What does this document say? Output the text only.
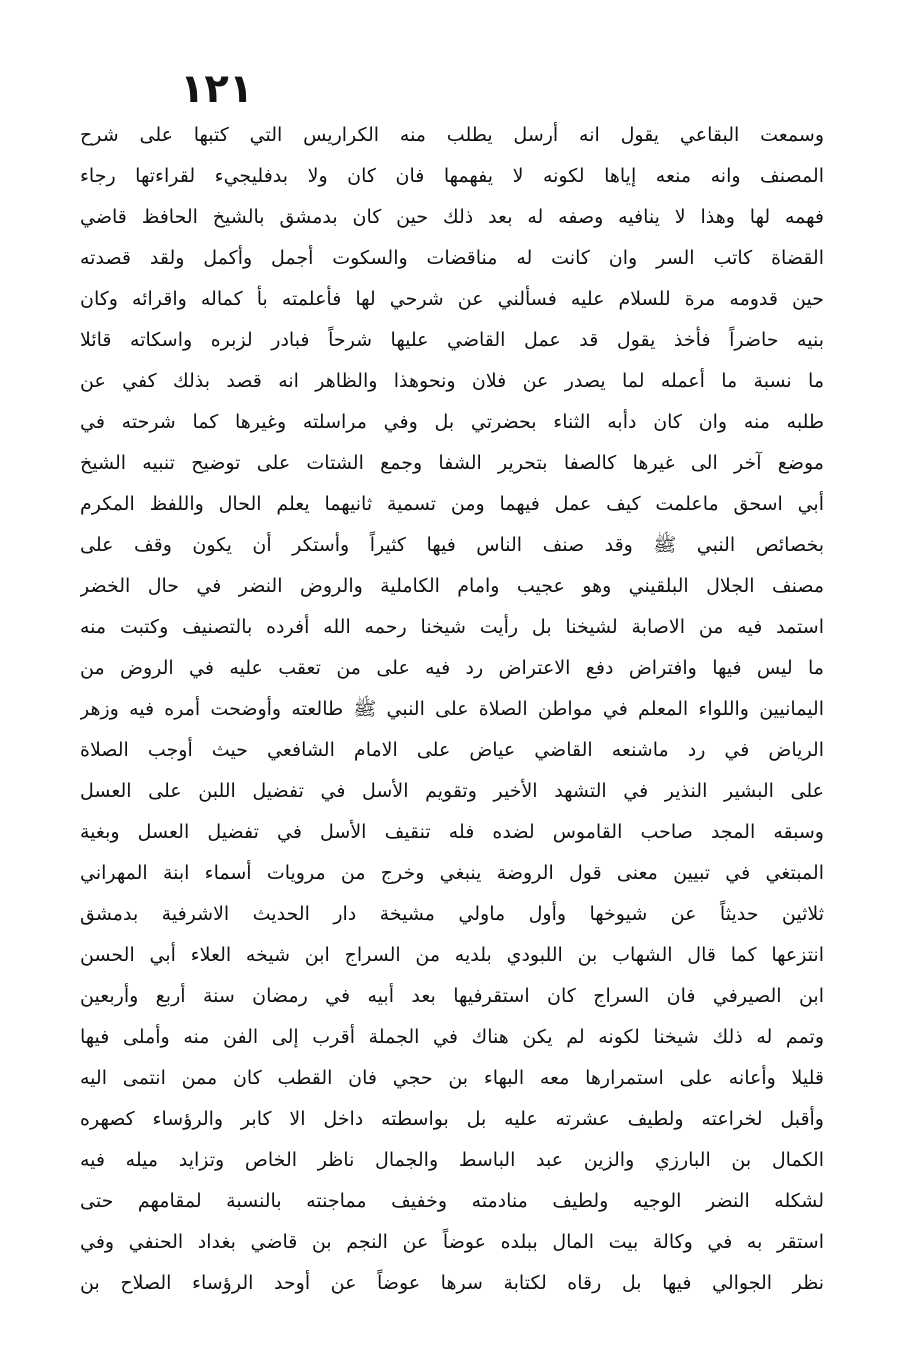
١٢١
وسمعت البقاعي يقول انه أرسل يطلب منه الكراريس التي كتبها على شرح
المصنف وانه منعه إياها لكونه لا يفهمها فان كان ولا بدفليجيء لقراءتها رجاء
فهمه لها وهذا لا ينافيه وصفه له بعد ذلك حين كان بدمشق بالشيخ الحافظ قاضي
القضاة كاتب السر وان كانت له مناقضات والسكوت أجمل وأكمل ولقد قصدته
حين قدومه مرة للسلام عليه فسألني عن شرحي لها فأعلمته بأ كماله واقرائه وكان
بنيه حاضراً فأخذ يقول قد عمل القاضي عليها شرحاً فبادر لزبره واسكاته قائلا
ما نسبة ما أعمله لما يصدر عن فلان ونحوهذا والظاهر انه قصد بذلك كفي عن
طلبه منه وان كان دأبه الثناء بحضرتي بل وفي مراسلته وغيرها كما شرحته في
موضع آخر الى غيرها كالصفا بتحرير الشفا وجمع الشتات على توضيح تنبيه الشيخ
أبي اسحق ماعلمت كيف عمل فيهما ومن تسمية ثانيهما يعلم الحال واللفظ المكرم
بخصائص النبي ﷺ وقد صنف الناس فيها كثيراً وأستكر أن يكون وقف على
مصنف الجلال البلقيني وهو عجيب وامام الكاملية والروض النضر في حال الخضر
استمد فيه من الاصابة لشيخنا بل رأيت شيخنا رحمه الله أفرده بالتصنيف وكتبت منه
ما ليس فيها وافتراض دفع الاعتراض رد فيه على من تعقب عليه في الروض من
اليمانيين واللواء المعلم في مواطن الصلاة على النبي ﷺ طالعته وأوضحت أمره فيه وزهر
الرياض في رد ماشنعه القاضي عياض على الامام الشافعي حيث أوجب الصلاة
على البشير النذير في التشهد الأخير وتقويم الأسل في تفضيل اللبن على العسل
وسبقه المجد صاحب القاموس لضده فله تنقيف الأسل في تفضيل العسل وبغية
المبتغي في تبيين معنى قول الروضة ينبغي وخرج من مرويات أسماء ابنة المهراني
ثلاثين حديثاً عن شيوخها وأول ماولي مشيخة دار الحديث الاشرفية بدمشق
انتزعها كما قال الشهاب بن اللبودي بلديه من السراج ابن شيخه العلاء أبي الحسن
ابن الصيرفي فان السراج كان استقرفيها بعد أبيه في رمضان سنة أربع وأربعين
وتمم له ذلك شيخنا لكونه لم يكن هناك في الجملة أقرب إلى الفن منه وأملى فيها
قليلا وأعانه على استمرارها معه البهاء بن حجي فان القطب كان ممن انتمى اليه
وأقبل لخراعته ولطيف عشرته عليه بل بواسطته داخل الا كابر والرؤساء كصهره
الكمال بن البارزي والزين عبد الباسط والجمال ناظر الخاص وتزايد ميله فيه
لشكله النضر الوجيه ولطيف منادمته وخفيف مماجنته بالنسبة لمقامهم حتى
استقر به في وكالة بيت المال ببلده عوضاً عن النجم بن قاضي بغداد الحنفي وفي
نظر الجوالي فيها بل رقاه لكتابة سرها عوضاً عن أوحد الرؤساء الصلاح بن
